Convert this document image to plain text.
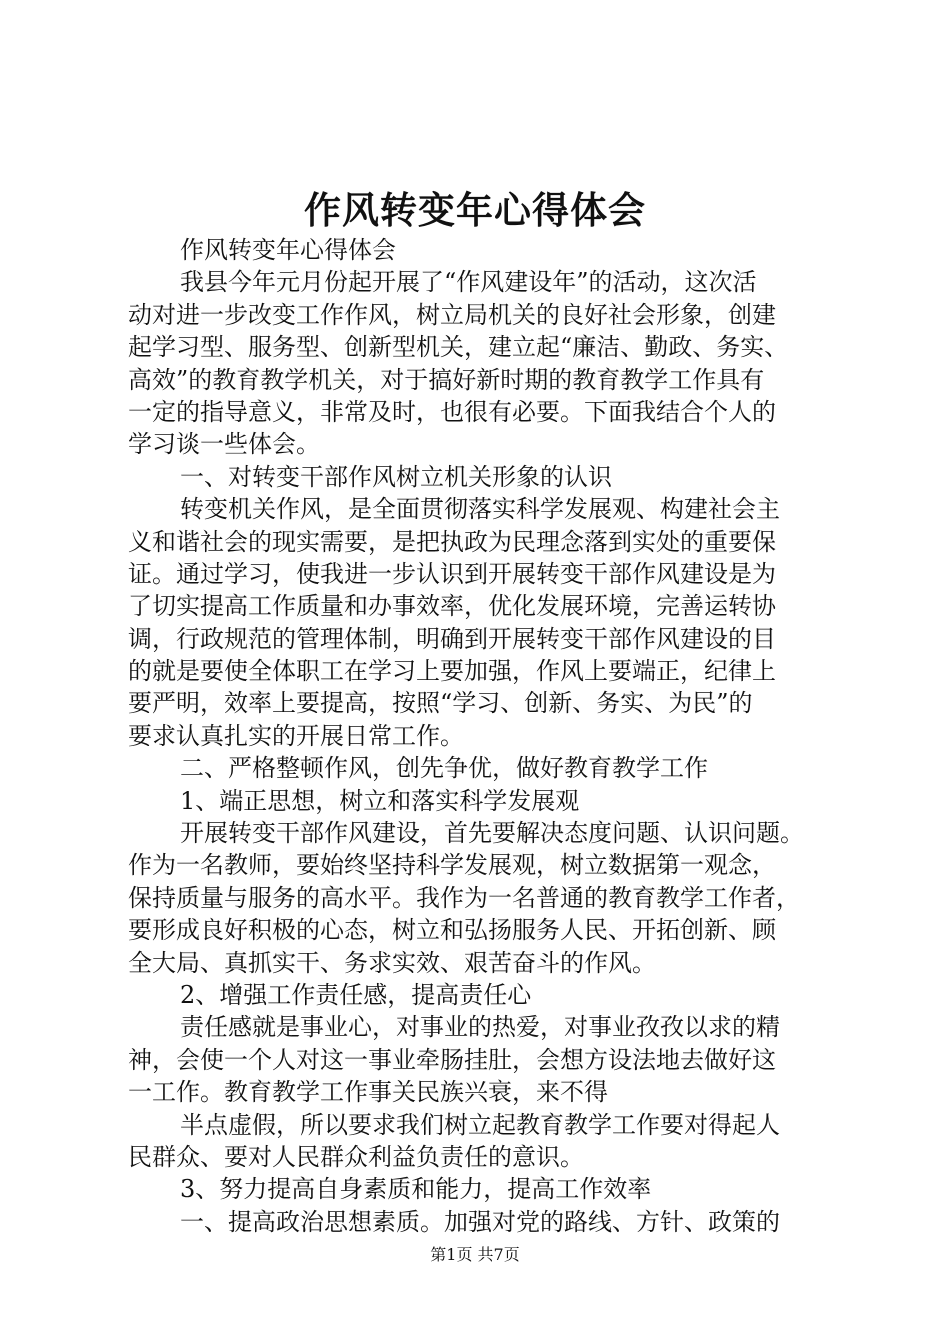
作风转变年心得体会
作风转变年心得体会
我县今年元月份起开展了“作风建设年”的活动，这次活
动对进一步改变工作作风，树立局机关的良好社会形象，创建
起学习型、服务型、创新型机关，建立起“廉洁、勤政、务实、
高效”的教育教学机关，对于搞好新时期的教育教学工作具有
一定的指导意义，非常及时，也很有必要。下面我结合个人的
学习谈一些体会。
一、对转变干部作风树立机关形象的认识
转变机关作风，是全面贯彻落实科学发展观、构建社会主
义和谐社会的现实需要，是把执政为民理念落到实处的重要保
证。通过学习，使我进一步认识到开展转变干部作风建设是为
了切实提高工作质量和办事效率，优化发展环境，完善运转协
调，行政规范的管理体制，明确到开展转变干部作风建设的目
的就是要使全体职工在学习上要加强，作风上要端正，纪律上
要严明，效率上要提高，按照“学习、创新、务实、为民”的
要求认真扎实的开展日常工作。
二、严格整顿作风，创先争优，做好教育教学工作
1、端正思想，树立和落实科学发展观
开展转变干部作风建设，首先要解决态度问题、认识问题。
作为一名教师，要始终坚持科学发展观，树立数据第一观念，
保持质量与服务的高水平。我作为一名普通的教育教学工作者，
要形成良好积极的心态，树立和弘扬服务人民、开拓创新、顾
全大局、真抓实干、务求实效、艰苦奋斗的作风。
2、增强工作责任感，提高责任心
责任感就是事业心，对事业的热爱，对事业孜孜以求的精
神，会使一个人对这一事业牵肠挂肚，会想方设法地去做好这
一工作。教育教学工作事关民族兴衰，来不得
半点虚假，所以要求我们树立起教育教学工作要对得起人
民群众、要对人民群众利益负责任的意识。
3、努力提高自身素质和能力，提高工作效率
一、提高政治思想素质。加强对党的路线、方针、政策的
第1页 共7页
